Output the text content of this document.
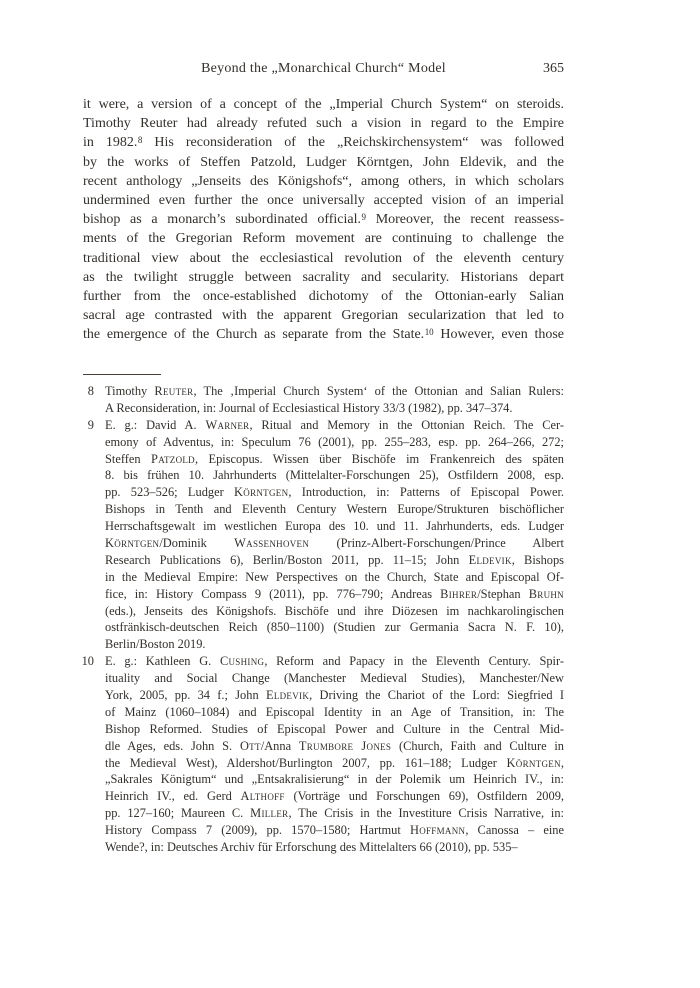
Beyond the „Monarchical Church“ Model	365
it were, a version of a concept of the „Imperial Church System“ on steroids.
Timothy Reuter had already refuted such a vision in regard to the Empire
in 1982.$^8$ His reconsideration of the „Reichskirchensystem“ was followed
by the works of Steffen Patzold, Ludger Körntgen, John Eldevik, and the
recent anthology „Jenseits des Königshofs“, among others, in which scholars
undermined even further the once universally accepted vision of an imperial
bishop as a monarch’s subordinated official.$^9$ Moreover, the recent reassess-
ments of the Gregorian Reform movement are continuing to challenge the
traditional view about the ecclesiastical revolution of the eleventh century
as the twilight struggle between sacrality and secularity. Historians depart
further from the once-established dichotomy of the Ottonian-early Salian
sacral age contrasted with the apparent Gregorian secularization that led to
the emergence of the Church as separate from the State.$^{10}$ However, even those
8 Timothy Reuter, The ‚Imperial Church System‘ of the Ottonian and Salian Rulers:
A Reconsideration, in: Journal of Ecclesiastical History 33/3 (1982), pp. 347–374.
9 E. g.: David A. Warner, Ritual and Memory in the Ottonian Reich. The Cer-
emony of Adventus, in: Speculum 76 (2001), pp. 255–283, esp. pp. 264–266, 272;
Steffen Patzold, Episcopus. Wissen über Bischöfe im Frankenreich des späten
8. bis frühen 10. Jahrhunderts (Mittelalter-Forschungen 25), Ostfildern 2008, esp.
pp. 523–526; Ludger Körntgen, Introduction, in: Patterns of Episcopal Power.
Bishops in Tenth and Eleventh Century Western Europe/Strukturen bischöflicher
Herrschaftsgewalt im westlichen Europa des 10. und 11. Jahrhunderts, eds. Ludger
Körntgen/Dominik Wassenhoven (Prinz-Albert-Forschungen/Prince Albert
Research Publications 6), Berlin/Boston 2011, pp. 11–15; John Eldevik, Bishops
in the Medieval Empire: New Perspectives on the Church, State and Episcopal Of-
fice, in: History Compass 9 (2011), pp. 776–790; Andreas Bihrer/Stephan Bruhn
(eds.), Jenseits des Königshofs. Bischöfe und ihre Diözesen im nachkarolingischen
ostfränkisch-deutschen Reich (850–1100) (Studien zur Germania Sacra N. F. 10),
Berlin/Boston 2019.
10 E. g.: Kathleen G. Cushing, Reform and Papacy in the Eleventh Century. Spir-
ituality and Social Change (Manchester Medieval Studies), Manchester/New
York, 2005, pp. 34 f.; John Eldevik, Driving the Chariot of the Lord: Siegfried I
of Mainz (1060–1084) and Episcopal Identity in an Age of Transition, in: The
Bishop Reformed. Studies of Episcopal Power and Culture in the Central Mid-
dle Ages, eds. John S. Ott/Anna Trumbore Jones (Church, Faith and Culture in
the Medieval West), Aldershot/Burlington 2007, pp. 161–188; Ludger Körntgen,
„Sakrales Königtum“ und „Entsakralisierung“ in der Polemik um Heinrich IV., in:
Heinrich IV., ed. Gerd Althoff (Vorträge und Forschungen 69), Ostfildern 2009,
pp. 127–160; Maureen C. Miller, The Crisis in the Investiture Crisis Narrative, in:
History Compass 7 (2009), pp. 1570–1580; Hartmut Hoffmann, Canossa – eine
Wende?, in: Deutsches Archiv für Erforschung des Mittelalters 66 (2010), pp. 535–
